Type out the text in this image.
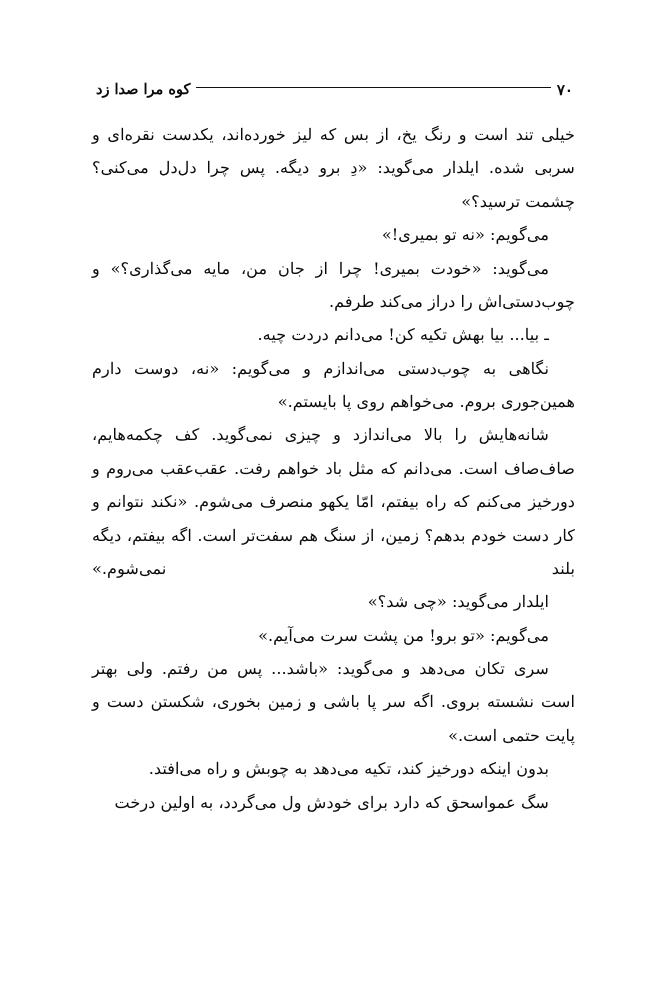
کوه مرا صدا زد	۷۰

خیلی تند است و رنگ یخ، از بس که لیز خورده‌اند، یکدست نقره‌ای و سربی شده. ایلدار می‌گوید: «دِ برو دیگه. پس چرا دل‌دل می‌کنی؟ چشمت ترسید؟»

می‌گویم: «نه تو بمیری!»

می‌گوید: «خودت بمیری! چرا از جان من، مایه می‌گذاری؟» و چوب‌دستی‌اش را دراز می‌کند طرفم.

ـ بیا... بیا بهش تکیه کن! می‌دانم دردت چیه.

نگاهی به چوب‌دستی می‌اندازم و می‌گویم: «نه، دوست دارم همین‌جوری بروم. می‌خواهم روی پا بایستم.»

شانه‌هایش را بالا می‌اندازد و چیزی نمی‌گوید. کف چکمه‌هایم، صاف‌صاف است. می‌دانم که مثل باد خواهم رفت. عقب‌عقب می‌روم و دورخیز می‌کنم که راه بیفتم، امّا یکهو منصرف می‌شوم. «نکند نتوانم و کار دست خودم بدهم؟ زمین، از سنگ هم سفت‌تر است. اگه بیفتم، دیگه بلند نمی‌شوم.»

ایلدار می‌گوید: «چی شد؟»

می‌گویم: «تو برو! من پشت سرت می‌آیم.»

سری تکان می‌دهد و می‌گوید: «باشد... پس من رفتم. ولی بهتر است نشسته بروی. اگه سر پا باشی و زمین بخوری، شکستن دست و پایت حتمی است.»

بدون اینکه دورخیز کند، تکیه می‌دهد به چوبش و راه می‌افتد.

سگ عمواسحق که دارد برای خودش ول می‌گردد، به اولین درخت
